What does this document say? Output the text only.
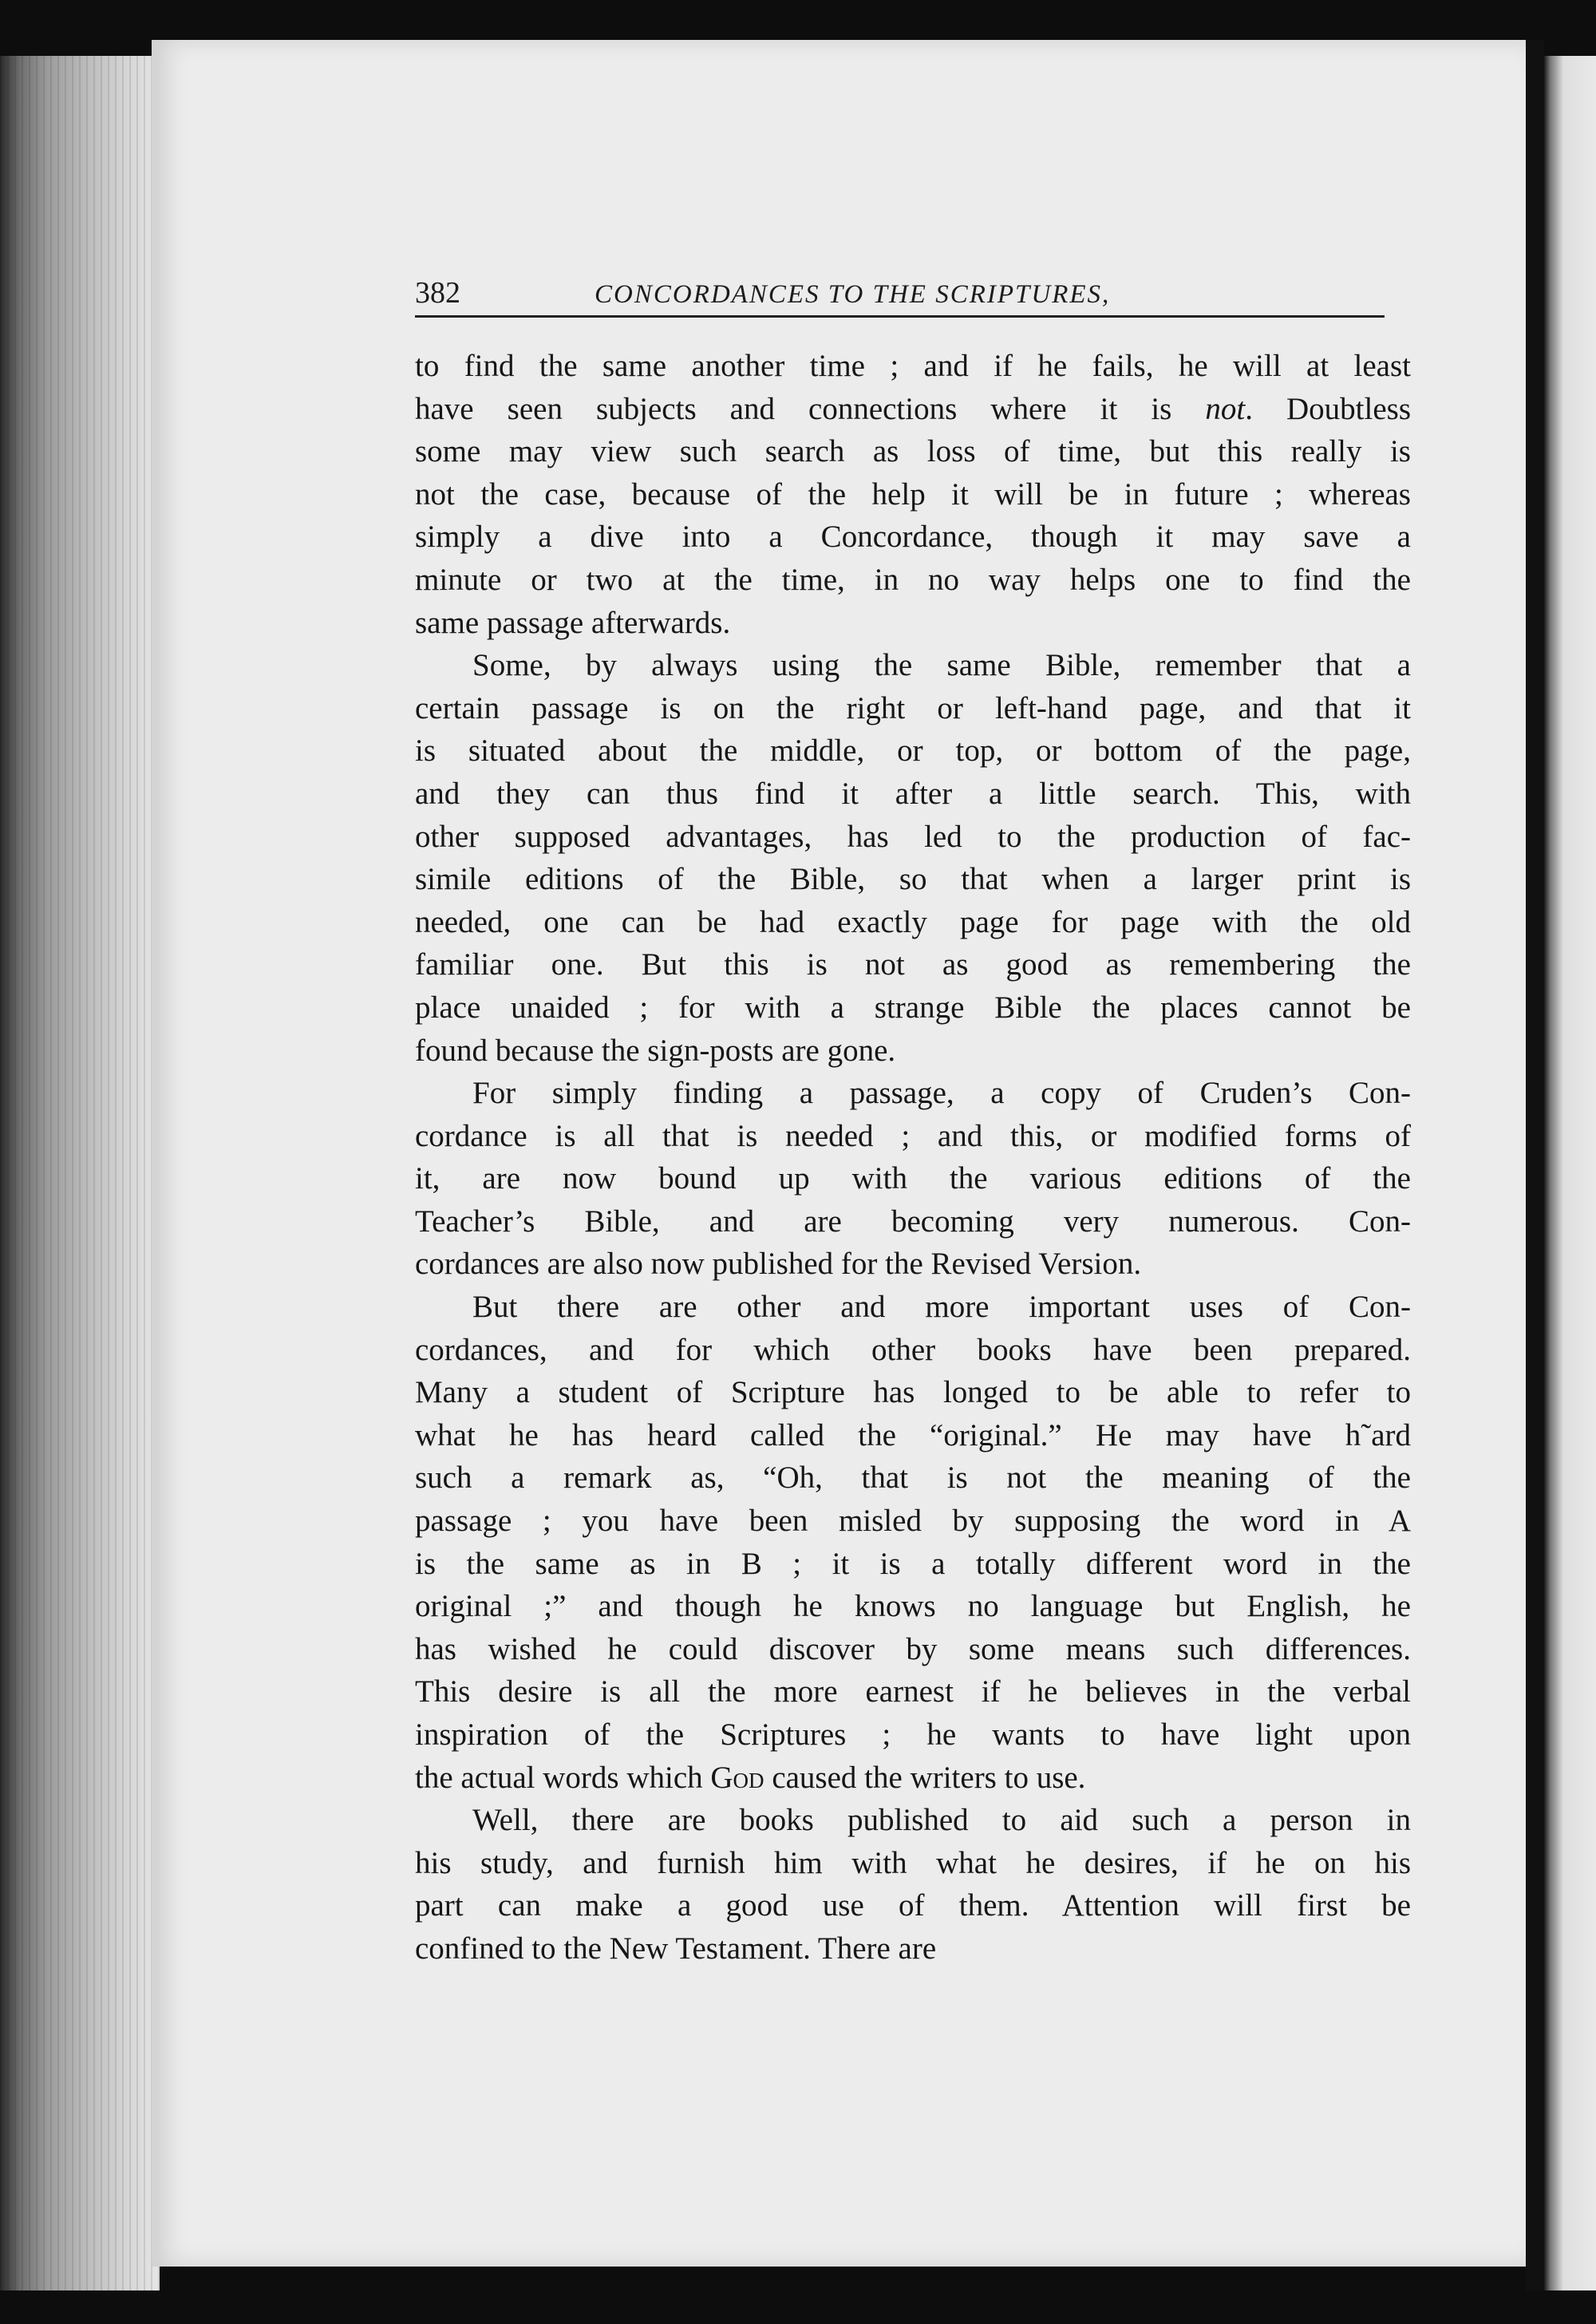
382	CONCORDANCES TO THE SCRIPTURES,
to find the same another time ; and if he fails, he will at least
have seen subjects and connections where it is not. Doubtless
some may view such search as loss of time, but this really is
not the case, because of the help it will be in future ; whereas
simply a dive into a Concordance, though it may save a
minute or two at the time, in no way helps one to find the
same passage afterwards.
Some, by always using the same Bible, remember that a
certain passage is on the right or left-hand page, and that it
is situated about the middle, or top, or bottom of the page,
and they can thus find it after a little search. This, with
other supposed advantages, has led to the production of fac-
simile editions of the Bible, so that when a larger print is
needed, one can be had exactly page for page with the old
familiar one. But this is not as good as remembering the
place unaided ; for with a strange Bible the places cannot be
found because the sign-posts are gone.
For simply finding a passage, a copy of Cruden’s Con-
cordance is all that is needed ; and this, or modified forms of
it, are now bound up with the various editions of the
Teacher’s Bible, and are becoming very numerous. Con-
cordances are also now published for the Revised Version.
But there are other and more important uses of Con-
cordances, and for which other books have been prepared.
Many a student of Scripture has longed to be able to refer to
what he has heard called the “original.” He may have h˜ard
such a remark as, “Oh, that is not the meaning of the
passage ; you have been misle⁠d by supposing the word in A
is the same as in B ; it is a totally different word in the
original ;” and though he knows no language but English, he
has wished he could discover by some means such differences.
This desire is all the more earnest if he believes in the verbal
inspiration of the Scriptures ; he wants to have light upon
the actual words which God caused the writers to use.
Well, there are books published to aid such a person in
his study, and furnish him with what he desires, if he on his
part can make a good use of them. Attention will first be
confined to the New Testament. There are
